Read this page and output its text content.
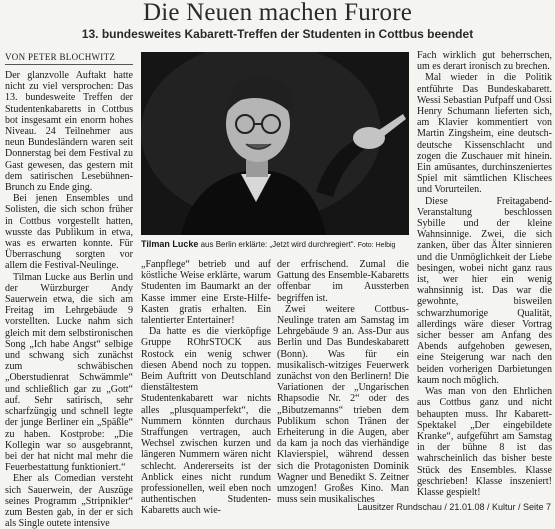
Die Neuen machen Furore
13. bundesweites Kabarett-Treffen der Studenten in Cottbus beendet
VON PETER BLOCHWITZ

Der glanzvolle Auftakt hatte nicht zu viel versprochen: Das 13. bundesweite Treffen der Studentenkabaretts in Cottbus bot insgesamt ein enorm hohes Niveau. 24 Teilnehmer aus neun Bundesländern waren seit Donnerstag bei dem Festival zu Gast gewesen, das gestern mit dem satirischen Lesebühnen-Brunch zu Ende ging.

Bei jenen Ensembles und Solisten, die sich schon früher in Cottbus vorgestellt hatten, wusste das Publikum in etwa, was es erwarten konnte. Für Überraschung sorgten vor allem die Festival-Neulinge.

Tilman Lucke aus Berlin und der Würzburger Andy Sauerwein etwa, die sich am Freitag im Lehrgebäude 9 vorstellten. Lucke nahm sich gleich mit dem selbstironischen Song „Ich habe Angst“ selbige und schwang sich zunächst zum schwäbischen „Oberstudienrat Schwämmle“ und schließlich gar zu „Gott“ auf. Sehr satirisch, sehr scharfzüngig und schnell legte der junge Berliner ein „Späßle“ zu haben. Kostprobe: „Die Kollegin war so ausgebrannt, bei der hat nicht mal mehr die Feuerbestattung funktioniert.“

Eher als Comedian versteht sich Sauerwein, der Auszüge seines Programm „Stripnikler“ zum Besten gab, in der er sich als Single outete intensive

Tilman Lucke aus Berlin erklärte: „Jetzt wird durchregiert“. Foto: Helbig

„Fanpflege“ betrieb und auf köstliche Weise erklärte, warum Studenten im Baumarkt an der Kasse immer eine Erste-Hilfe-Kasten gratis erhalten. Ein talentierter Entertainer!

Da hatte es die vierköpfige Gruppe ROhrSTOCK aus Rostock ein wenig schwer diesen Abend noch zu toppen. Beim Auftritt von Deutschland dienstältestem Studentenkabarett war nichts alles „plusquamperfekt“, die Nummern könnten durchaus Straffungen vertragen, auch Wechsel zwischen kurzen und längeren Nummern wären nicht schlecht. Andererseits ist der Anblick eines nicht rundum professionellen, weil eben noch authentischen Studenten-Kabaretts auch wie-

der erfrischend. Zumal die Gattung des Ensemble-Kabaretts offenbar im Aussterben begriffen ist.

Zwei weitere Cottbus-Neulinge traten am Samstag im Lehrgebäude 9 an. Ass-Dur aus Berlin und Das Bundeskabarett (Bonn). Was für ein musikalisch-witziges Feuerwerk zunächst von den Berlinern! Die Variationen der „Ungarischen Rhapsodie Nr. 2“ oder des „Bibutzemanns“ trieben dem Publikum schon Tränen der Erheiterung in die Augen, aber da kam ja noch das vierhändige Klavierspiel, während dessen sich die Protagonisten Dominik Wagner und Benedikt S. Zeitner umzogen! Großes Kino. Man muss sein musikalisches

Fach wirklich gut beherrschen, um es derart ironisch zu brechen.

Mal wieder in die Politik entführte Das Bundeskabarett. Wessi Sebastian Pufpaff und Ossi Henry Schumann lieferten sich, am Klavier kommentiert von Martin Zingsheim, eine deutsch-deutsche Kissenschlacht und zogen die Zuschauer mit hinein. Ein amüsantes, durchinszeniertes Spiel mit sämtlichen Klischees und Vorurteilen.

Diese Freitagabend-Veranstaltung beschlossen Sybille und der kleine Wahnsinnige. Zwei, die sich zanken, über das Älter sinnieren und die Unmöglichkeit der Liebe besingen, wobei nicht ganz raus ist, wer hier ein wenig wahnsinnig ist. Das war die gewohnte, bisweilen schwarzhumorige Qualität, allerdings wäre dieser Vortrag sicher besser am Anfang des Abends aufgehoben gewesen, eine Steigerung war nach den beiden vorherigen Darbietungen kaum noch möglich.

Was man von den Ehrlichen aus Cottbus ganz und nicht behaupten muss. Ihr Kabarett-Spektakel „Der eingebildete Kranke“, aufgeführt am Samstag in der bühne 8 ist das wahrscheinlich das bisher beste Stück des Ensembles. Klasse geschrieben! Klasse inszeniert! Klasse gespielt!

Lausitzer Rundschau / 21.01.08 / Kultur / Seite 7
